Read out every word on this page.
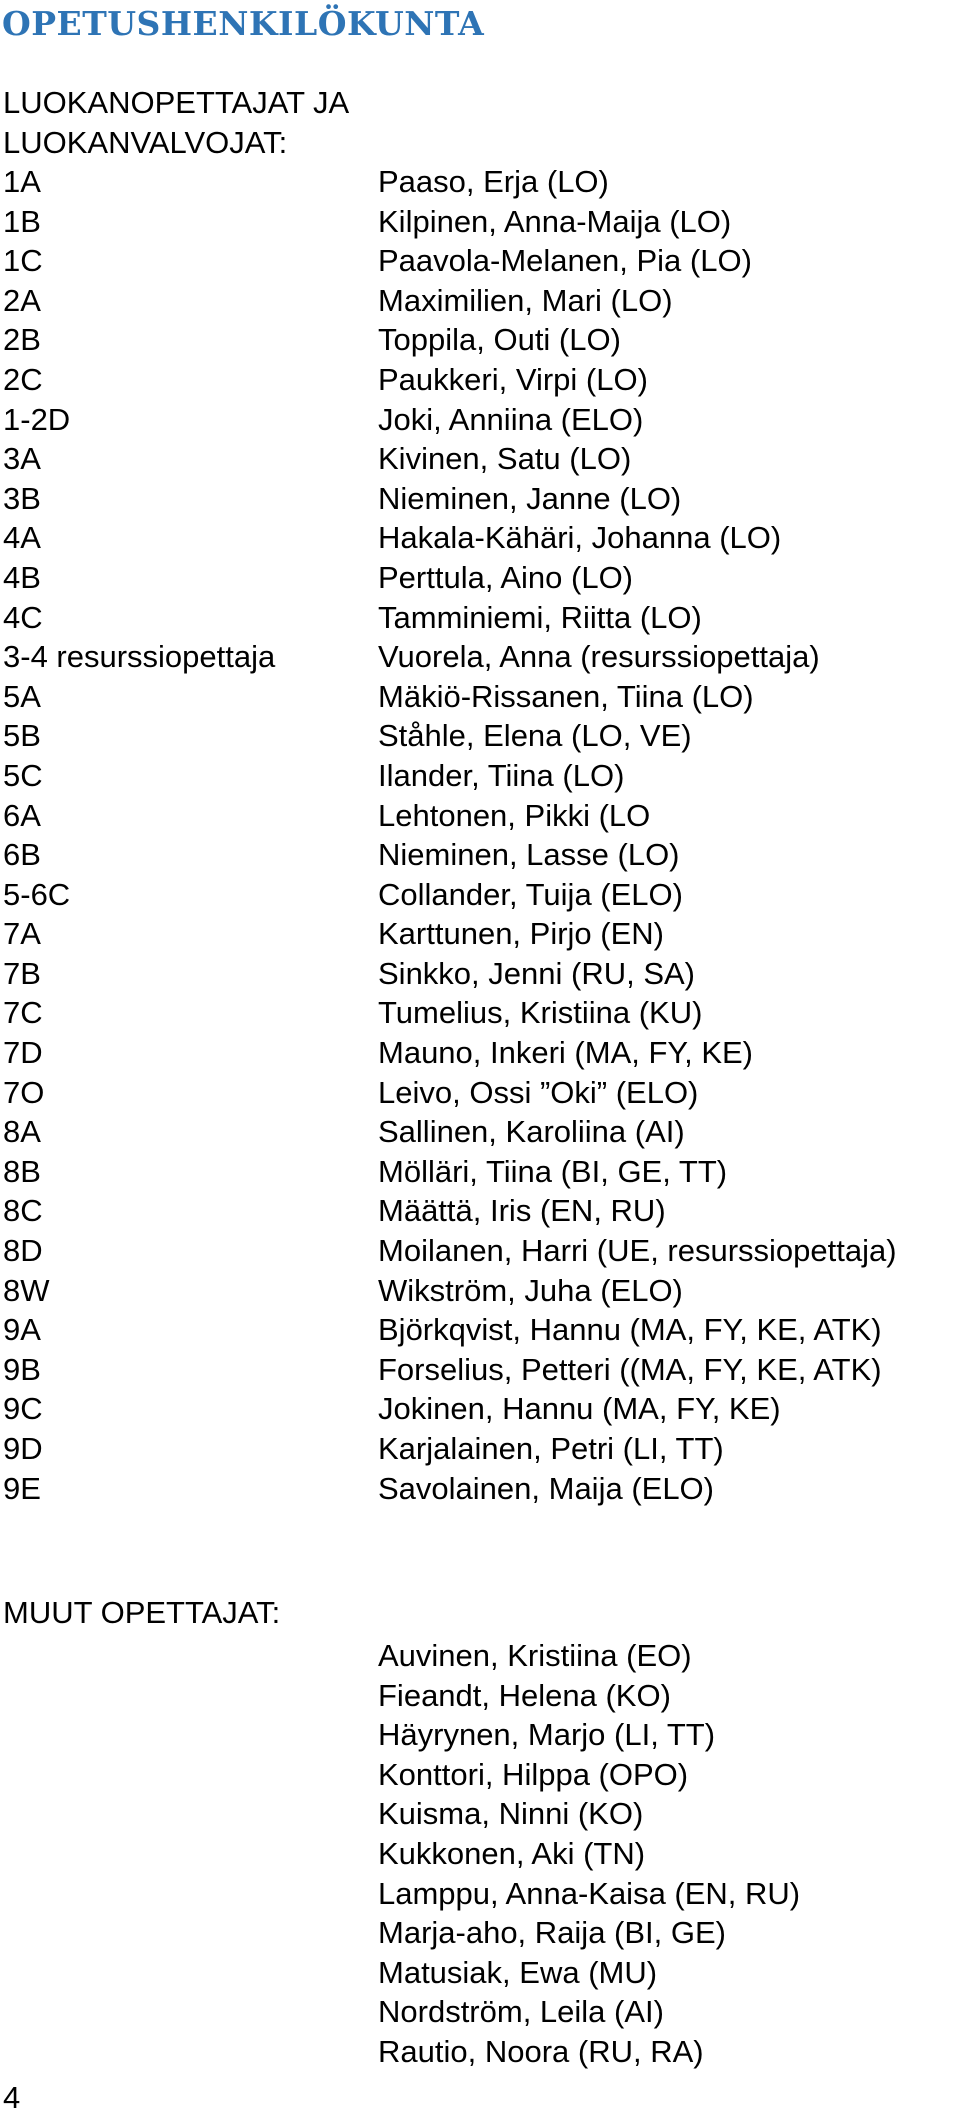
OPETUSHENKILÖKUNTA

LUOKANOPETTAJAT JA

LUOKANVALVOJAT:

1A	Paaso, Erja (LO)
1B	Kilpinen, Anna-Maija (LO)
1C	Paavola-Melanen, Pia (LO)
2A	Maximilien, Mari (LO)
2B	Toppila, Outi (LO)
2C	Paukkeri, Virpi (LO)
1-2D	Joki, Anniina (ELO)
3A	Kivinen, Satu (LO)
3B	Nieminen, Janne (LO)
4A	Hakala-Kähäri, Johanna (LO)
4B	Perttula, Aino (LO)
4C	Tamminiemi, Riitta (LO)
3-4 resurssiopettaja	Vuorela, Anna (resurssiopettaja)
5A	Mäkiö-Rissanen, Tiina (LO)
5B	Ståhle, Elena (LO, VE)
5C	Ilander, Tiina (LO)
6A	Lehtonen, Pikki (LO
6B	Nieminen, Lasse (LO)
5-6C	Collander, Tuija (ELO)
7A	Karttunen, Pirjo (EN)
7B	Sinkko, Jenni (RU, SA)
7C	Tumelius, Kristiina (KU)
7D	Mauno, Inkeri (MA, FY, KE)
7O	Leivo, Ossi ”Oki” (ELO)
8A	Sallinen, Karoliina (AI)
8B	Mölläri, Tiina (BI, GE, TT)
8C	Määttä, Iris (EN, RU)
8D	Moilanen, Harri (UE, resurssiopettaja)
8W	Wikström, Juha (ELO)
9A	Björkqvist, Hannu (MA, FY, KE, ATK)
9B	Forselius, Petteri ((MA, FY, KE, ATK)
9C	Jokinen, Hannu (MA, FY, KE)
9D	Karjalainen, Petri (LI, TT)
9E	Savolainen, Maija (ELO)

MUUT OPETTAJAT:

Auvinen, Kristiina (EO)
Fieandt, Helena (KO)
Häyrynen, Marjo (LI, TT)
Konttori, Hilppa (OPO)
Kuisma, Ninni (KO)
Kukkonen, Aki (TN)
Lamppu, Anna-Kaisa (EN, RU)
Marja-aho, Raija (BI, GE)
Matusiak, Ewa (MU)
Nordström, Leila (AI)
Rautio, Noora (RU, RA)

4
